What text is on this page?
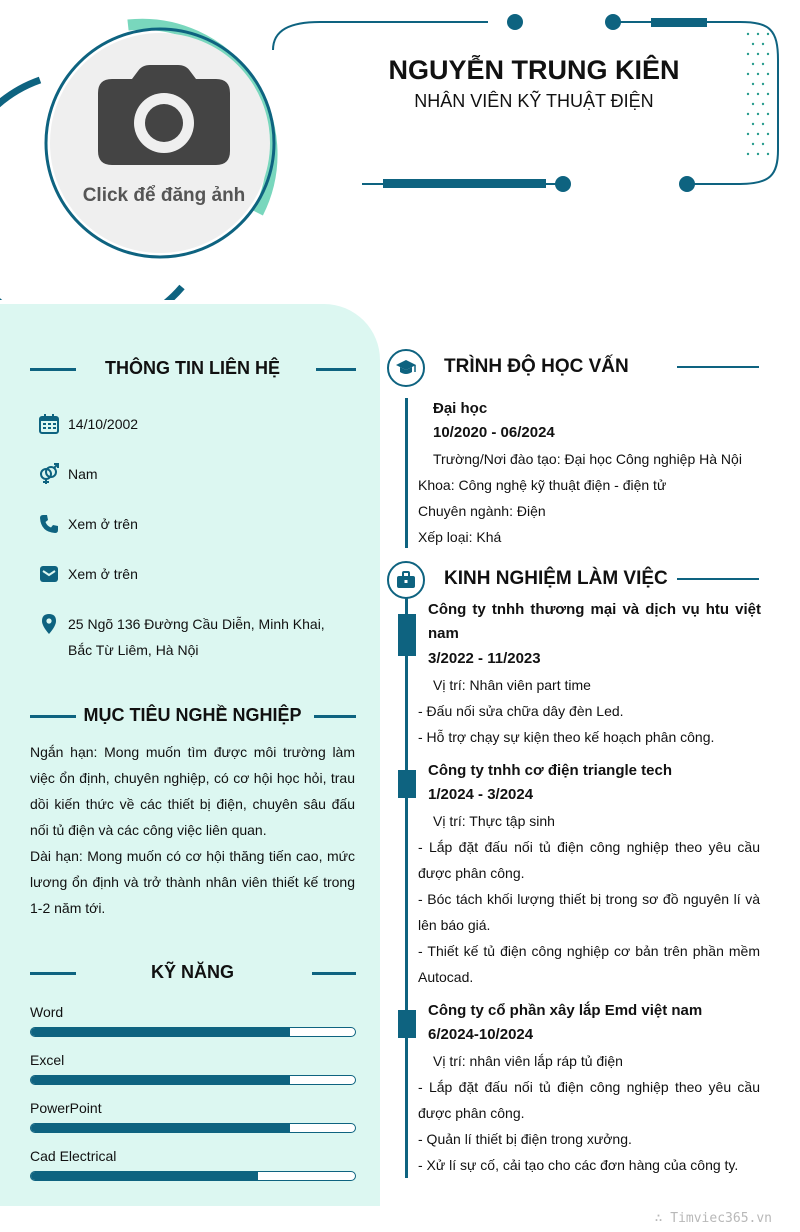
Click để đăng ảnh
NGUYỄN TRUNG KIÊN
NHÂN VIÊN KỸ THUẬT ĐIỆN
THÔNG TIN LIÊN HỆ
14/10/2002
Nam
Xem ở trên
Xem ở trên
25 Ngõ 136 Đường Cầu Diễn, Minh Khai, Bắc Từ Liêm, Hà Nội
MỤC TIÊU NGHỀ NGHIỆP
Ngắn hạn: Mong muốn tìm được môi trường làm việc ổn định, chuyên nghiệp, có cơ hội học hỏi, trau dồi kiến thức về các thiết bị điện, chuyên sâu đấu nối tủ điện và các công việc liên quan.
Dài hạn: Mong muốn có cơ hội thăng tiến cao, mức lương ổn định và trở thành nhân viên thiết kế trong 1-2 năm tới.
KỸ NĂNG
Word
Excel
PowerPoint
Cad Electrical
TRÌNH ĐỘ HỌC VẤN
Đại học
10/2020 - 06/2024
Trường/Nơi đào tạo: Đại học Công nghiệp Hà Nội
Khoa: Công nghệ kỹ thuật điện - điện tử
Chuyên ngành: Điện
Xếp loại: Khá
KINH NGHIỆM LÀM VIỆC
Công ty tnhh thương mại và dịch vụ htu việt nam
3/2022 - 11/2023
Vị trí: Nhân viên part time
- Đấu nối sửa chữa dây đèn Led.
- Hỗ trợ chạy sự kiện theo kế hoạch phân công.
Công ty tnhh cơ điện triangle tech
1/2024 - 3/2024
Vị trí: Thực tập sinh
- Lắp đặt đấu nối tủ điện công nghiệp theo yêu cầu được phân công.
- Bóc tách khối lượng thiết bị trong sơ đồ nguyên lí và lên báo giá.
- Thiết kế tủ điện công nghiệp cơ bản trên phần mềm Autocad.
Công ty cổ phần xây lắp Emd việt nam
6/2024-10/2024
Vị trí: nhân viên lắp ráp tủ điện
- Lắp đặt đấu nối tủ điện công nghiệp theo yêu cầu được phân công.
- Quản lí thiết bị điện trong xưởng.
- Xử lí sự cố, cải tạo cho các đơn hàng của công ty.
∴ Timviec365.vn
